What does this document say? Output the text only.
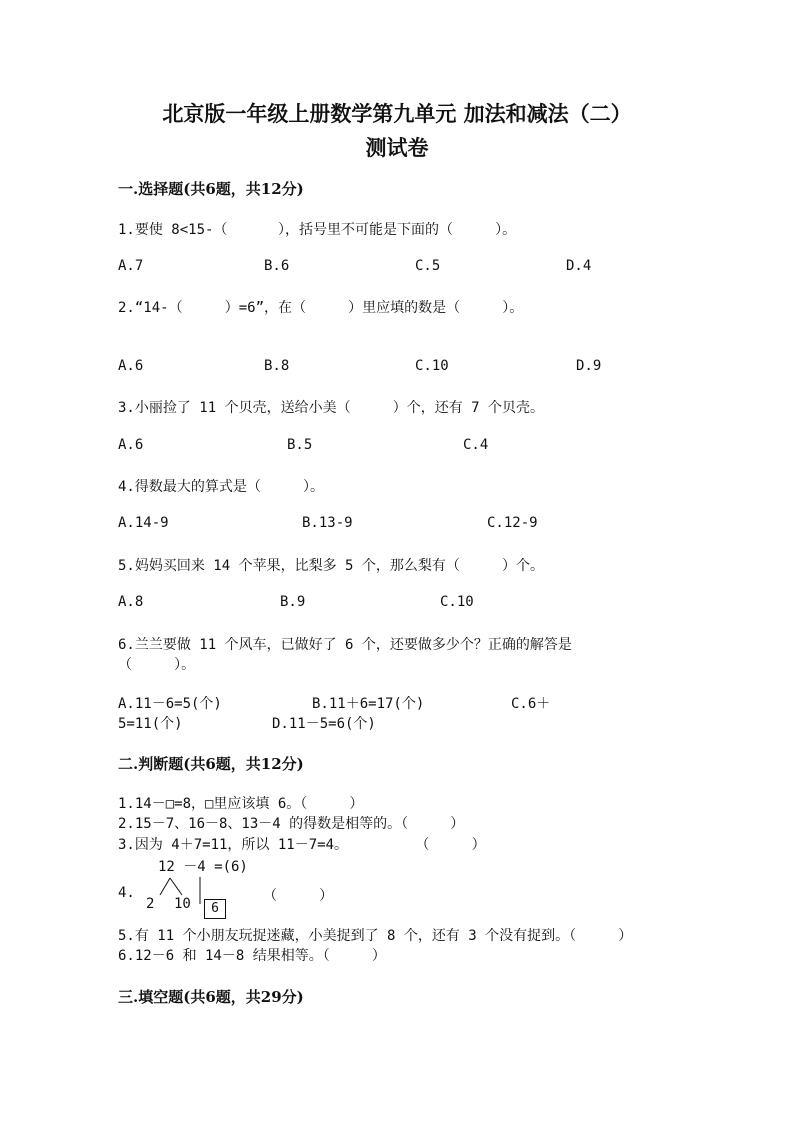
北京版一年级上册数学第九单元 加法和减法（二）
测试卷
一.选择题(共6题，共12分)
1.要使 8<15-（      ），括号里不可能是下面的（     ）。
A.7	B.6	C.5	D.4
2.“14-（     ）=6”，在（     ）里应填的数是（     ）。
A.6	B.8	C.10	D.9
3.小丽捡了 11 个贝壳，送给小美（     ）个，还有 7 个贝壳。
A.6	B.5	C.4
4.得数最大的算式是（     ）。
A.14-9	B.13-9	C.12-9
5.妈妈买回来 14 个苹果，比梨多 5 个，那么梨有（     ）个。
A.8	B.9	C.10
6.兰兰要做 11 个风车，已做好了 6 个，还要做多少个？正确的解答是
（     ）。
A.11－6=5(个)	B.11＋6=17(个)	C.6＋
5=11(个)	D.11－5=6(个)
二.判断题(共6题，共12分)
1.14－□=8，□里应该填 6。（     ）
2.15－7、16－8、13－4 的得数是相等的。（     ）
3.因为 4＋7=11，所以 11－7=4。        （     ）
4.
12 －4 =(6)
2 10	6
（     ）
5.有 11 个小朋友玩捉迷藏，小美捉到了 8 个，还有 3 个没有捉到。（     ）
6.12－6 和 14－8 结果相等。（     ）
三.填空题(共6题，共29分)
